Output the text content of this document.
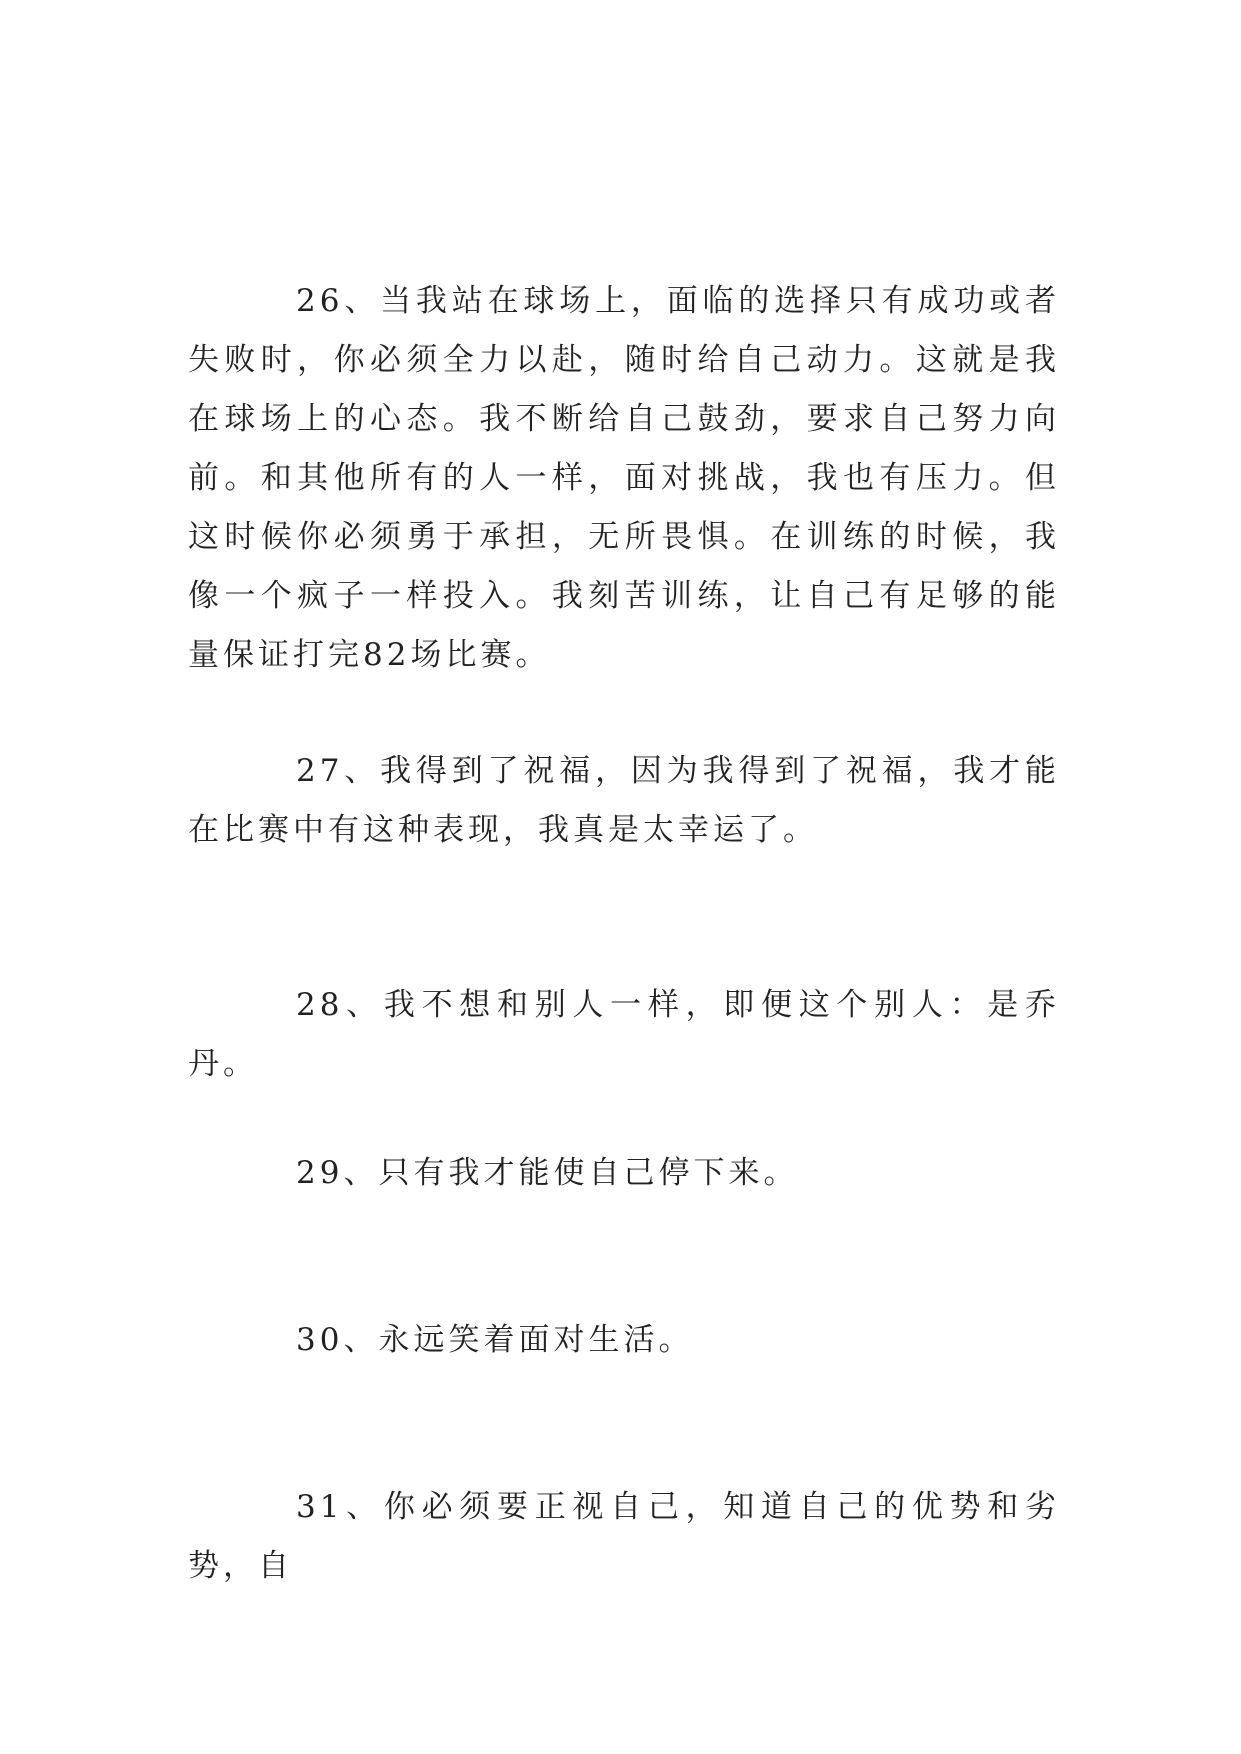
26、当我站在球场上，面临的选择只有成功或者失败时，你必须全力以赴，随时给自己动力。这就是我在球场上的心态。我不断给自己鼓劲，要求自己努力向前。和其他所有的人一样，面对挑战，我也有压力。但这时候你必须勇于承担，无所畏惧。在训练的时候，我像一个疯子一样投入。我刻苦训练，让自己有足够的能量保证打完82场比赛。

27、我得到了祝福，因为我得到了祝福，我才能在比赛中有这种表现，我真是太幸运了。

28、我不想和别人一样，即便这个别人：是乔丹。

29、只有我才能使自己停下来。

30、永远笑着面对生活。

31、你必须要正视自己，知道自己的优势和劣势，自
